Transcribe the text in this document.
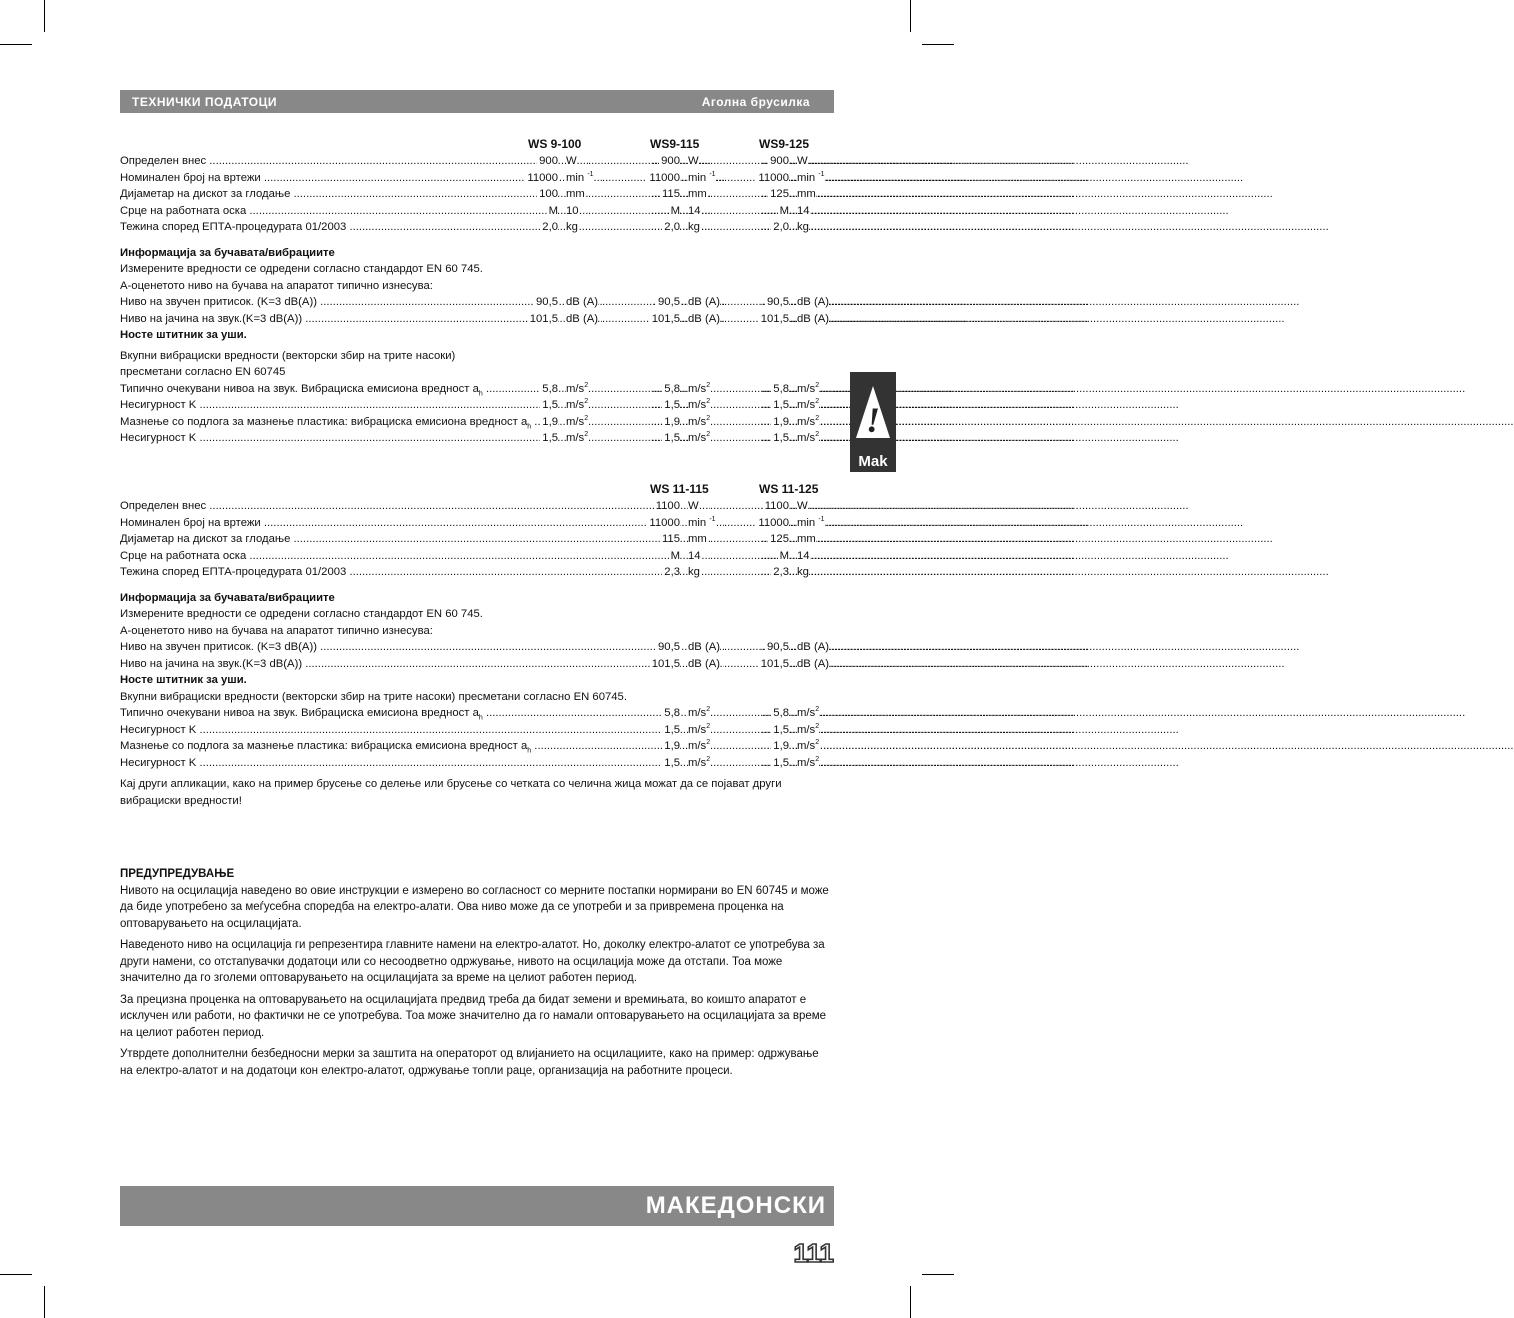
ТЕХНИЧКИ ПОДАТОЦИ	Аголна брусилка
WS 9-100	WS9-115	WS9-125
Определен внес .....	900 W .....	900 W .....	900 W
Номинален број на вртежи .....	11000 min $^{-1}$ .....	11000 min $^{-1}$ .....	11000 min $^{-1}$
Дијаметар на дискот за глодање .....	100 mm .....	115 mm .....	125 mm
Срце на работната оска .....	M 10 .....	M 14 .....	M 14
Тежина според ЕПТА-процедурата 01/2003 .....	2,0 kg .....	2,0 kg .....	2,0 kg
Информација за бучавата/вибрациите
Измерените вредности се одредени согласно стандардот EN 60 745.
А-оценетото ниво на бучава на апаратот типично изнесува:
Ниво на звучен притисок. (K=3 dB(A)) .....	90,5 dB (A) .....	90,5 dB (A) .....	90,5 dB (A)
Ниво на јачина на звук.(K=3 dB(A)) .....	101,5 dB (A) .....	101,5 dB (A) .....	101,5 dB (A)
Носте штитник за уши.
Вкупни вибрациски вредности (векторски збир на трите насоки)
пресметани согласно EN 60745
Типично очекувани нивоа на звук. Вибрациска емисиона вредност $a_h$ .....	5,8 $m/s^2$ .....	5,8 $m/s^2$ .....	5,8 $m/s^2$
Несигурност K .....	1,5 $m/s^2$ .....	1,5 $m/s^2$ .....	1,5 $m/s^2$
Мазнење со подлога за мазнење пластика: вибрациска емисиона вредност $a_h$ ..... 1,9 $m/s^2$ .....	1,9 $m/s^2$ .....	1,9 $m/s^2$
Несигурност K .....	1,5 $m/s^2$ .....	1,5 $m/s^2$ .....	1,5 $m/s^2$
WS 11-115	WS 11-125
Определен внес .....	1100 W .....	1100 W
Номинален број на вртежи .....	11000 min $^{-1}$ .....	11000 min $^{-1}$
Дијаметар на дискот за глодање .....	115 mm .....	125 mm
Срце на работната оска .....	M 14 .....	M 14
Тежина според ЕПТА-процедурата 01/2003 .....	2,3 kg .....	2,3 kg
Информација за бучавата/вибрациите
Измерените вредности се одредени согласно стандардот EN 60 745.
А-оценетото ниво на бучава на апаратот типично изнесува:
Ниво на звучен притисок. (K=3 dB(A)) .....	90,5 dB (A) .....	90,5 dB (A)
Ниво на јачина на звук.(K=3 dB(A)) .....	101,5 dB (A) .....	101,5 dB (A)
Носте штитник за уши.
Вкупни вибрациски вредности (векторски збир на трите насоки) пресметани согласно EN 60745.
Типично очекувани нивоа на звук. Вибрациска емисиона вредност $a_h$ .....	5,8 $m/s^2$ .....	5,8 $m/s^2$
Несигурност K .....	1,5 $m/s^2$ .....	1,5 $m/s^2$
Мазнење со подлога за мазнење пластика: вибрациска емисиона вредност $a_h$ .....	1,9 $m/s^2$ .....	1,9 $m/s^2$
Несигурност K .....	1,5 $m/s^2$ .....	1,5 $m/s^2$
Кај други апликации, како на пример брусење со делење или брусење со четката со челична жица можат да се појават други вибрациски вредности!
ПРЕДУПРЕДУВАЊЕ

Нивото на осцилација наведено во овие инструкции е измерено во согласност со мерните постапки нормирани во EN 60745 и може да биде употребено за меѓусебна споредба на електро-алати. Ова ниво може да се употреби и за привремена проценка на оптоварувањето на осцилацијата.

Наведеното ниво на осцилација ги репрезентира главните намени на електро-алатот. Но, доколку електро-алатот се употребува за други намени, со отстапувачки додатоци или со несоодветно одржување, нивото на осцилација може да отстапи. Тоа може значително да го зголеми оптоварувањето на осцилацијата за време на целиот работен период.

За прецизна проценка на оптоварувањето на осцилацијата предвид треба да бидат земени и времињата, во коишто апаратот е исклучен или работи, но фактички не се употребува. Тоа може значително да го намали оптоварувањето на осцилацијата за време на целиот работен период.

Утврдете дополнителни безбедносни мерки за заштита на операторот од влијанието на осцилациите, како на пример: одржување на електро-алатот и на додатоци кон електро-алатот, одржување топли раце, организација на работните процеси.

!
Mak
МАКЕДОНСКИ
111
